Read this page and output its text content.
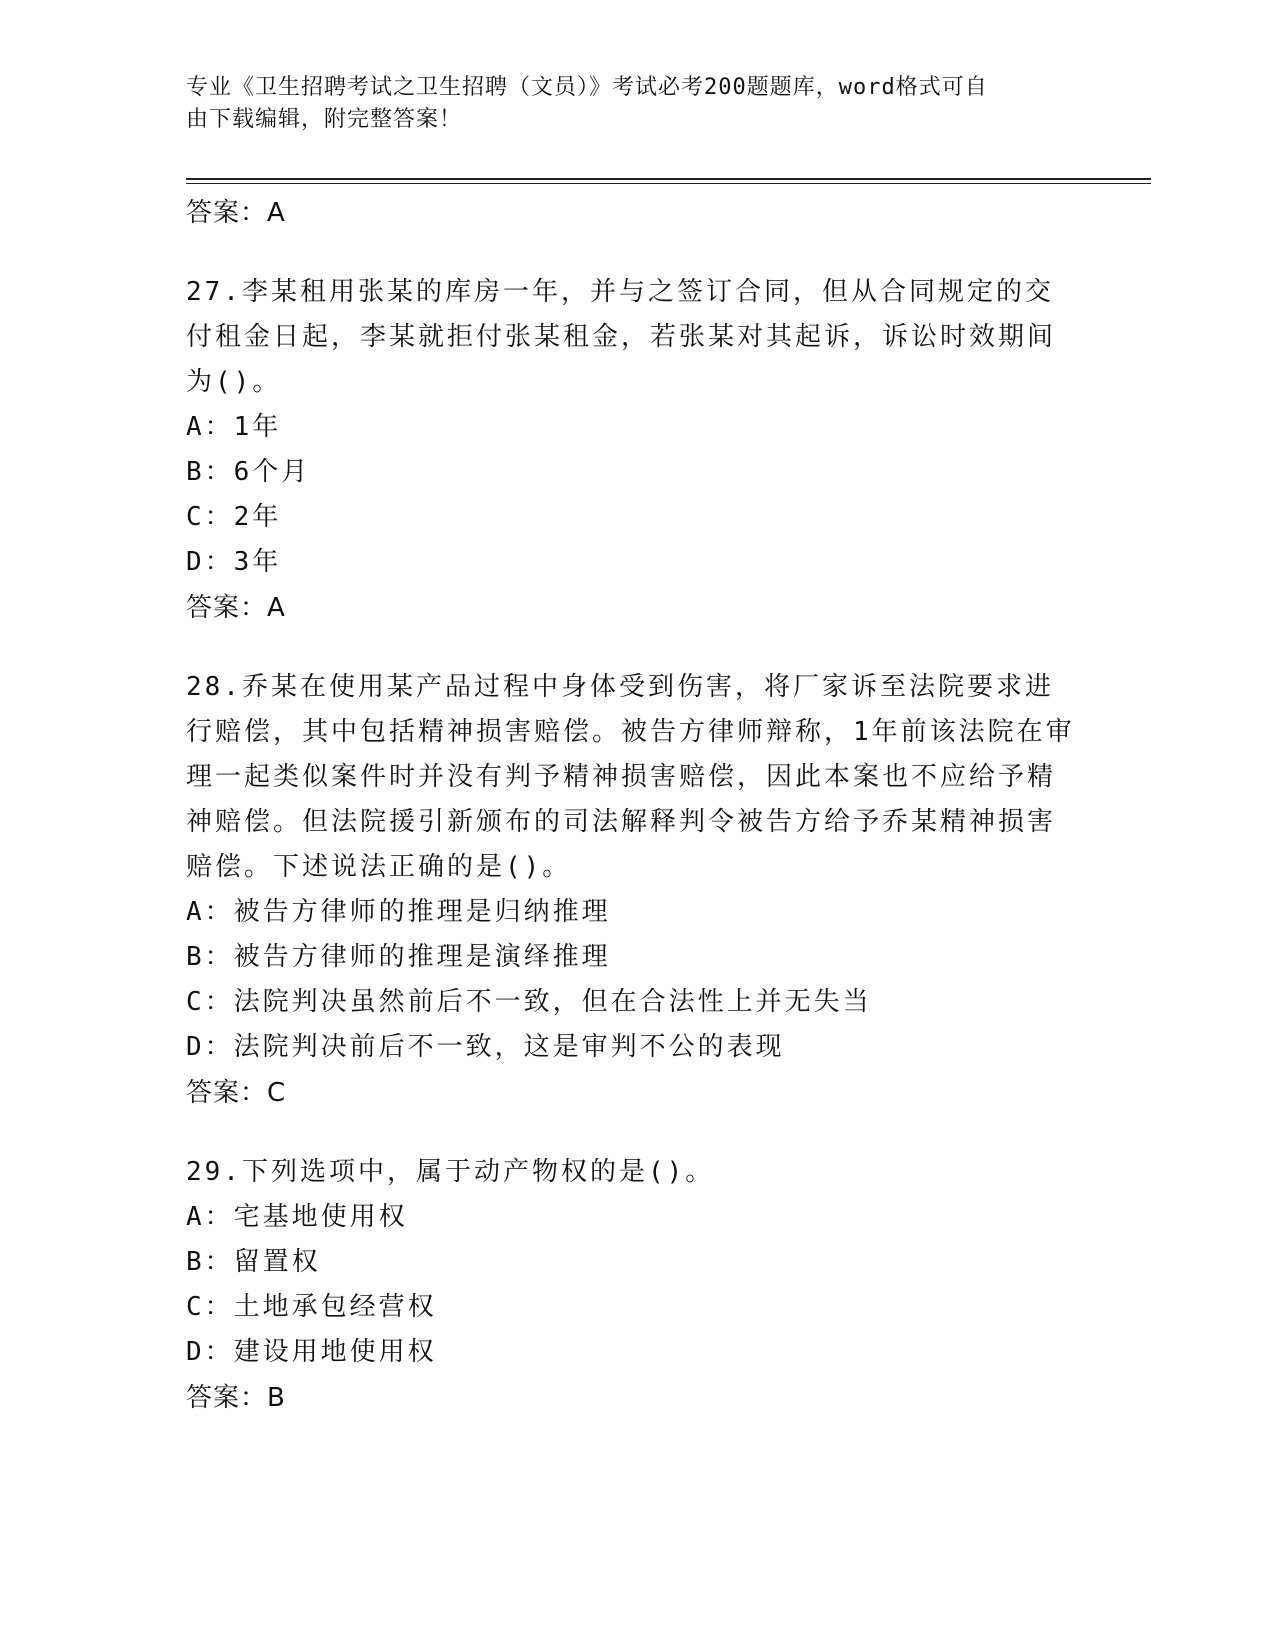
专业《卫生招聘考试之卫生招聘（文员）》考试必考200题题库，word格式可自
由下载编辑，附完整答案！
答案：A
27.李某租用张某的库房一年，并与之签订合同，但从合同规定的交付租金日起，李某就拒付张某租金，若张某对其起诉，诉讼时效期间为()。
A：1年
B：6个月
C：2年
D：3年
答案：A
28.乔某在使用某产品过程中身体受到伤害，将厂家诉至法院要求进行赔偿，其中包括精神损害赔偿。被告方律师辩称，1年前该法院在审理一起类似案件时并没有判予精神损害赔偿，因此本案也不应给予精神赔偿。但法院援引新颁布的司法解释判令被告方给予乔某精神损害赔偿。下述说法正确的是()。
A：被告方律师的推理是归纳推理
B：被告方律师的推理是演绎推理
C：法院判决虽然前后不一致，但在合法性上并无失当
D：法院判决前后不一致，这是审判不公的表现
答案：C
29.下列选项中，属于动产物权的是()。
A：宅基地使用权
B：留置权
C：土地承包经营权
D：建设用地使用权
答案：B
